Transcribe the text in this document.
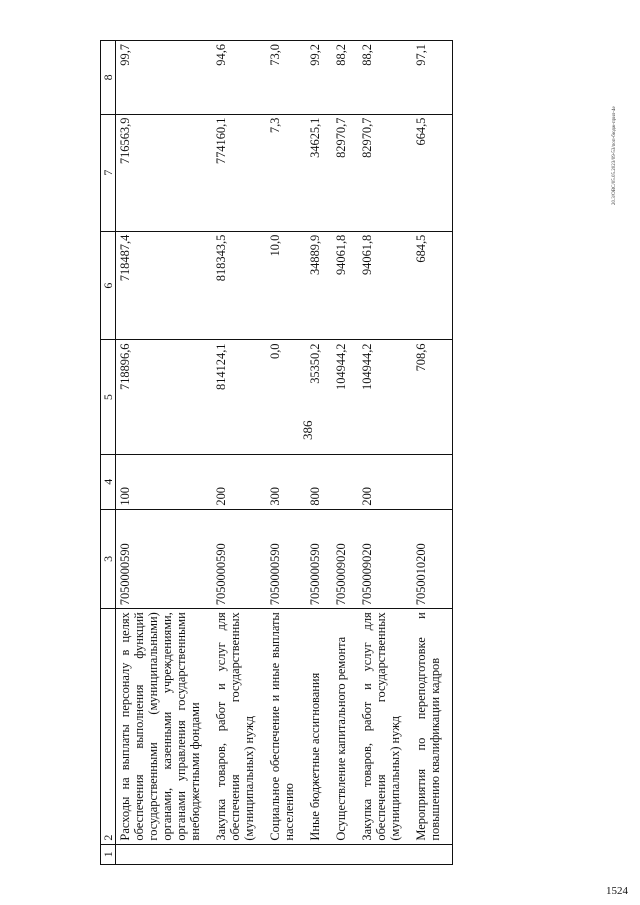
386
20.3/ОВС/05.05.2023/09-53/поп-бюдж-прил-4е
1524
1	2	3	4	5	6	7	8
	Расходы на выплаты персоналу в целях обеспечения выполнения функций государственными (муниципальными) органами, казенными учреждениями, органами управления государственными внебюджетными фондами	7050000590	100	718896,6	718487,4	716563,9	99,7
	Закупка товаров, работ и услуг для обеспечения государственных (муниципальных) нужд	7050000590	200	814124,1	818343,5	774160,1	94,6
	Социальное обеспечение и иные выплаты населению	7050000590	300	0,0	10,0	7,3	73,0
	Иные бюджетные ассигнования	7050000590	800	35350,2	34889,9	34625,1	99,2
	Осуществление капитального ремонта	7050009020		104944,2	94061,8	82970,7	88,2
	Закупка товаров, работ и услуг для обеспечения государственных (муниципальных) нужд	7050009020	200	104944,2	94061,8	82970,7	88,2
	Мероприятия по переподготовке и повышению квалификации кадров	7050010200		708,6	684,5	664,5	97,1
